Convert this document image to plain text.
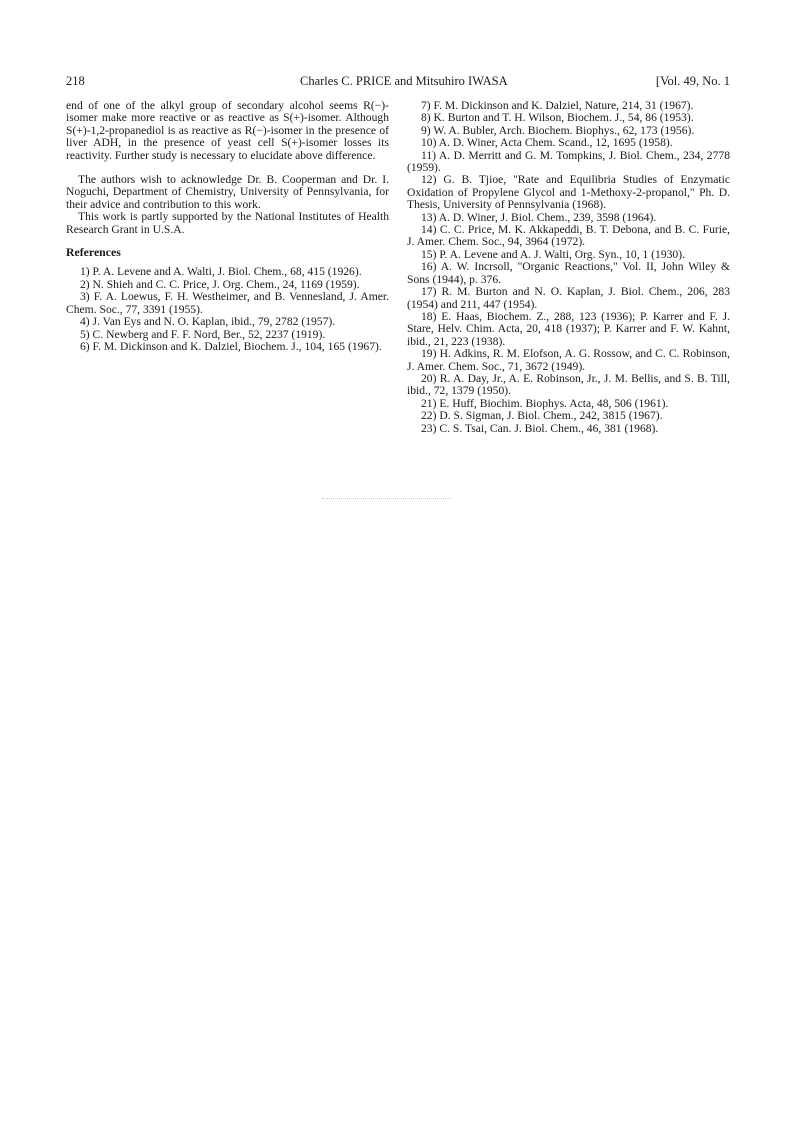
218	Charles C. PRICE and Mitsuhiro IWASA	[Vol. 49, No. 1

end of one of the alkyl group of secondary alcohol seems R(−)-isomer make more reactive or as reactive as S(+)-isomer. Although S(+)-1,2-propanediol is as reactive as R(−)-isomer in the presence of liver ADH, in the presence of yeast cell S(+)-isomer losses its reactivity. Further study is necessary to elucidate above difference.

The authors wish to acknowledge Dr. B. Cooperman and Dr. I. Noguchi, Department of Chemistry, University of Pennsylvania, for their advice and contribution to this work.

This work is partly supported by the National Institutes of Health Research Grant in U.S.A.

References

1) P. A. Levene and A. Walti, J. Biol. Chem., 68, 415 (1926).

2) N. Shieh and C. C. Price, J. Org. Chem., 24, 1169 (1959).

3) F. A. Loewus, F. H. Westheimer, and B. Vennesland, J. Amer. Chem. Soc., 77, 3391 (1955).

4) J. Van Eys and N. O. Kaplan, ibid., 79, 2782 (1957).

5) C. Newberg and F. F. Nord, Ber., 52, 2237 (1919).

6) F. M. Dickinson and K. Dalziel, Biochem. J., 104, 165 (1967).

7) F. M. Dickinson and K. Dalziel, Nature, 214, 31 (1967).

8) K. Burton and T. H. Wilson, Biochem. J., 54, 86 (1953).

9) W. A. Bubler, Arch. Biochem. Biophys., 62, 173 (1956).

10) A. D. Winer, Acta Chem. Scand., 12, 1695 (1958).

11) A. D. Merritt and G. M. Tompkins, J. Biol. Chem., 234, 2778 (1959).

12) G. B. Tjioe, "Rate and Equilibria Studies of Enzymatic Oxidation of Propylene Glycol and 1-Methoxy-2-propanol," Ph. D. Thesis, University of Pennsylvania (1968).

13) A. D. Winer, J. Biol. Chem., 239, 3598 (1964).

14) C. C. Price, M. K. Akkapeddi, B. T. Debona, and B. C. Furie, J. Amer. Chem. Soc., 94, 3964 (1972).

15) P. A. Levene and A. J. Walti, Org. Syn., 10, 1 (1930).

16) A. W. Incrsoll, "Organic Reactions," Vol. II, John Wiley & Sons (1944), p. 376.

17) R. M. Burton and N. O. Kaplan, J. Biol. Chem., 206, 283 (1954) and 211, 447 (1954).

18) E. Haas, Biochem. Z., 288, 123 (1936); P. Karrer and F. J. Stare, Helv. Chim. Acta, 20, 418 (1937); P. Karrer and F. W. Kahnt, ibid., 21, 223 (1938).

19) H. Adkins, R. M. Elofson, A. G. Rossow, and C. C. Robinson, J. Amer. Chem. Soc., 71, 3672 (1949).

20) R. A. Day, Jr., A. E. Robinson, Jr., J. M. Bellis, and S. B. Till, ibid., 72, 1379 (1950).

21) E. Huff, Biochim. Biophys. Acta, 48, 506 (1961).

22) D. S. Sigman, J. Biol. Chem., 242, 3815 (1967).

23) C. S. Tsai, Can. J. Biol. Chem., 46, 381 (1968).
